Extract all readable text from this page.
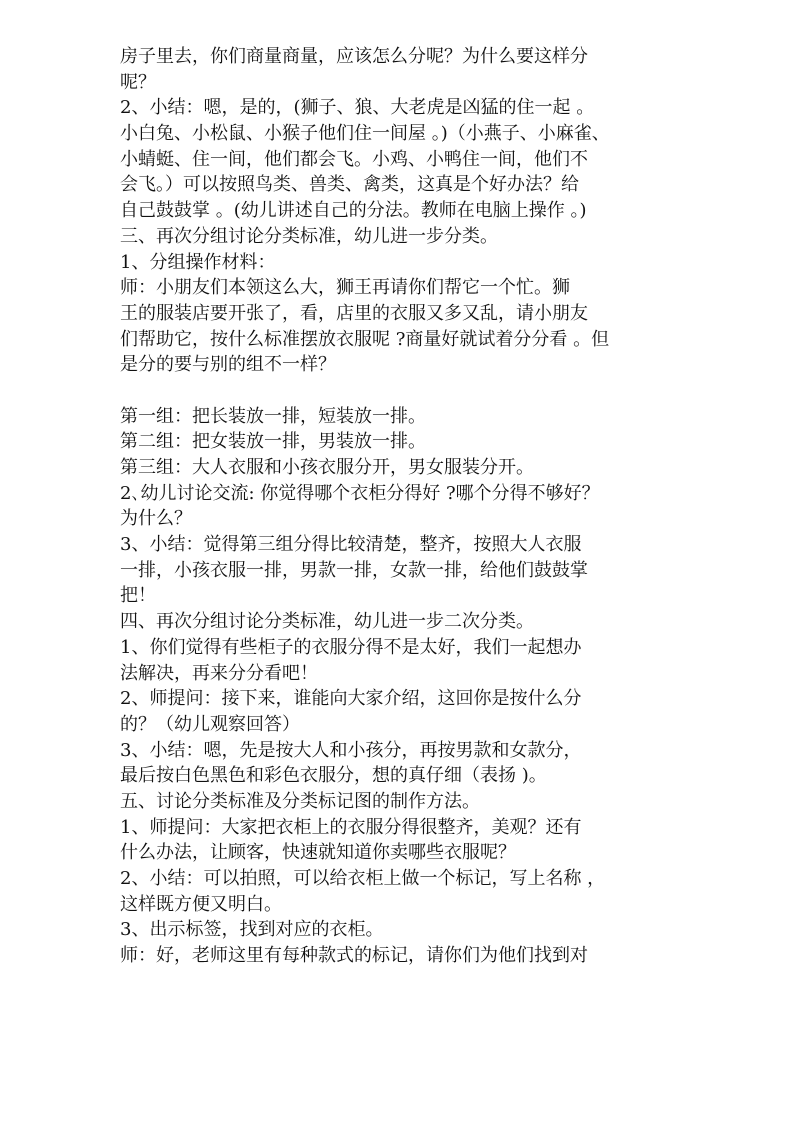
房子里去，你们商量商量，应该怎么分呢？为什么要这样分
呢？
2、小结：嗯，是的，(狮子、狼、大老虎是凶猛的住一起 。
小白兔、小松鼠、小猴子他们住一间屋 。)（小燕子、小麻雀、
小蜻蜓、住一间，他们都会飞。小鸡、小鸭住一间，他们不
会飞。）可以按照鸟类、兽类、禽类，这真是个好办法？给
自己鼓鼓掌 。(幼儿讲述自己的分法。教师在电脑上操作 。)
三、再次分组讨论分类标准，幼儿进一步分类。
1、分组操作材料：
师：小朋友们本领这么大，狮王再请你们帮它一个忙。狮
王的服装店要开张了，看，店里的衣服又多又乱，请小朋友
们帮助它，按什么标准摆放衣服呢 ?商量好就试着分分看 。但
是分的要与别的组不一样？
第一组：把长装放一排，短装放一排。
第二组：把女装放一排，男装放一排。
第三组：大人衣服和小孩衣服分开，男女服装分开。
2､幼儿讨论交流: 你觉得哪个衣柜分得好 ?哪个分得不够好？
为什么？
3、小结：觉得第三组分得比较清楚，整齐，按照大人衣服
一排，小孩衣服一排，男款一排，女款一排，给他们鼓鼓掌
把！
四、再次分组讨论分类标准，幼儿进一步二次分类。
1、你们觉得有些柜子的衣服分得不是太好，我们一起想办
法解决，再来分分看吧！
2、师提问：接下来，谁能向大家介绍，这回你是按什么分
的？（幼儿观察回答）
3、小结：嗯，先是按大人和小孩分，再按男款和女款分，
最后按白色黑色和彩色衣服分，想的真仔细（表扬 )。
五、讨论分类标准及分类标记图的制作方法。
1、师提问：大家把衣柜上的衣服分得很整齐，美观？还有
什么办法，让顾客，快速就知道你卖哪些衣服呢？
2、小结：可以拍照，可以给衣柜上做一个标记，写上名称 ，
这样既方便又明白。
3、出示标签，找到对应的衣柜。
师：好，老师这里有每种款式的标记，请你们为他们找到对
